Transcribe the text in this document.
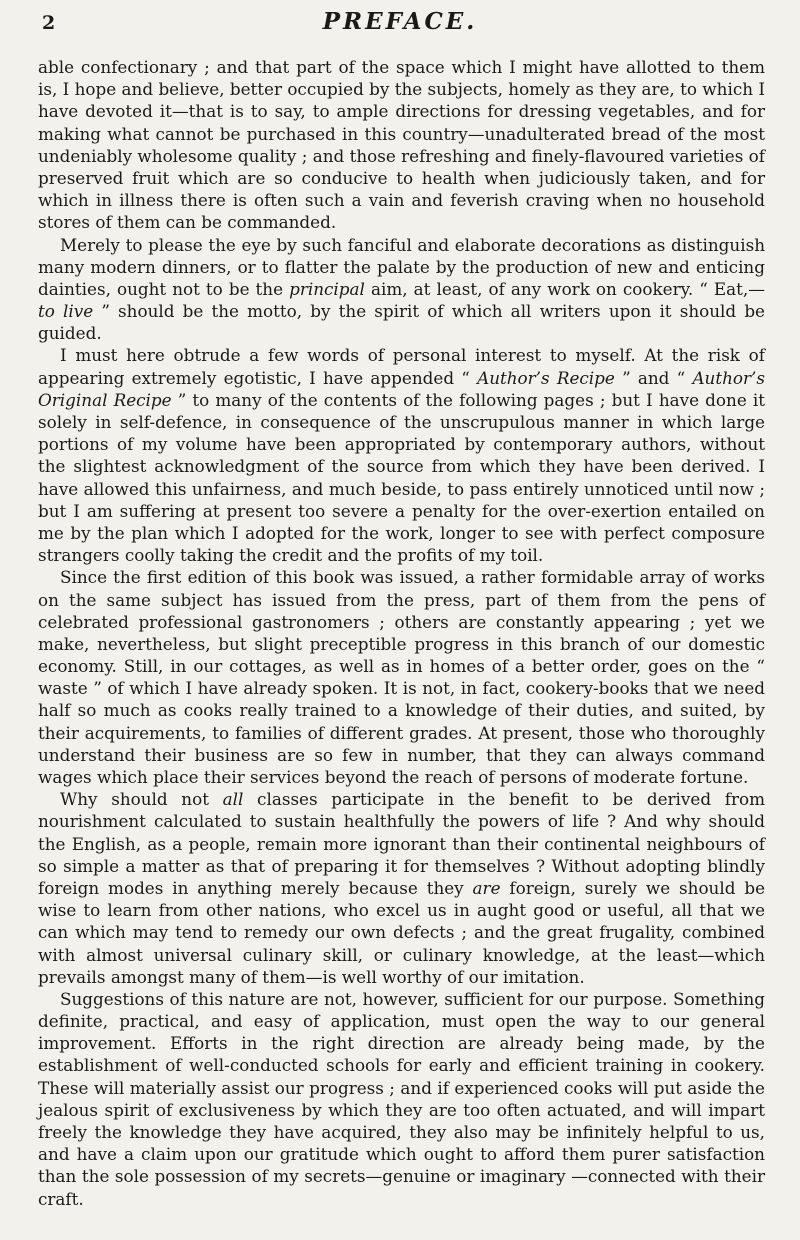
2	PREFACE.

able confectionary ; and that part of the space which I might have allotted to them is, I hope and believe, better occupied by the subjects, homely as they are, to which I have devoted it—that is to say, to ample directions for dressing vegetables, and for making what cannot be purchased in this country—unadulterated bread of the most undeniably wholesome quality ; and those refreshing and finely-flavoured varieties of preserved fruit which are so conducive to health when judiciously taken, and for which in illness there is often such a vain and feverish craving when no household stores of them can be commanded.

Merely to please the eye by such fanciful and elaborate decorations as distinguish many modern dinners, or to flatter the palate by the production of new and enticing dainties, ought not to be the principal aim, at least, of any work on cookery. “ Eat,—to live ” should be the motto, by the spirit of which all writers upon it should be guided.

I must here obtrude a few words of personal interest to myself. At the risk of appearing extremely egotistic, I have appended “ Author’s Recipe ” and “ Author’s Original Recipe ” to many of the contents of the following pages ; but I have done it solely in self-defence, in consequence of the unscrupulous manner in which large portions of my volume have been appropriated by contemporary authors, without the slightest acknowledgment of the source from which they have been derived. I have allowed this unfairness, and much beside, to pass entirely unnoticed until now ; but I am suffering at present too severe a penalty for the over-exertion entailed on me by the plan which I adopted for the work, longer to see with perfect composure strangers coolly taking the credit and the profits of my toil.

Since the first edition of this book was issued, a rather formidable array of works on the same subject has issued from the press, part of them from the pens of celebrated professional gastronomers ; others are constantly appearing ; yet we make, nevertheless, but slight preceptible progress in this branch of our domestic economy. Still, in our cottages, as well as in homes of a better order, goes on the “ waste ” of which I have already spoken. It is not, in fact, cookery-books that we need half so much as cooks really trained to a knowledge of their duties, and suited, by their acquirements, to families of different grades. At present, those who thoroughly understand their business are so few in number, that they can always command wages which place their services beyond the reach of persons of moderate fortune.

Why should not all classes participate in the benefit to be derived from nourishment calculated to sustain healthfully the powers of life ? And why should the English, as a people, remain more ignorant than their continental neighbours of so simple a matter as that of preparing it for themselves ? Without adopting blindly foreign modes in anything merely because they are foreign, surely we should be wise to learn from other nations, who excel us in aught good or useful, all that we can which may tend to remedy our own defects ; and the great frugality, combined with almost universal culinary skill, or culinary knowledge, at the least—which prevails amongst many of them—is well worthy of our imitation.

Suggestions of this nature are not, however, sufficient for our purpose. Something definite, practical, and easy of application, must open the way to our general improvement. Efforts in the right direction are already being made, by the establishment of well-conducted schools for early and efficient training in cookery. These will materially assist our progress ; and if experienced cooks will put aside the jealous spirit of exclusiveness by which they are too often actuated, and will impart freely the knowledge they have acquired, they also may be infinitely helpful to us, and have a claim upon our gratitude which ought to afford them purer satisfaction than the sole possession of my secrets—genuine or imaginary —connected with their craft.
